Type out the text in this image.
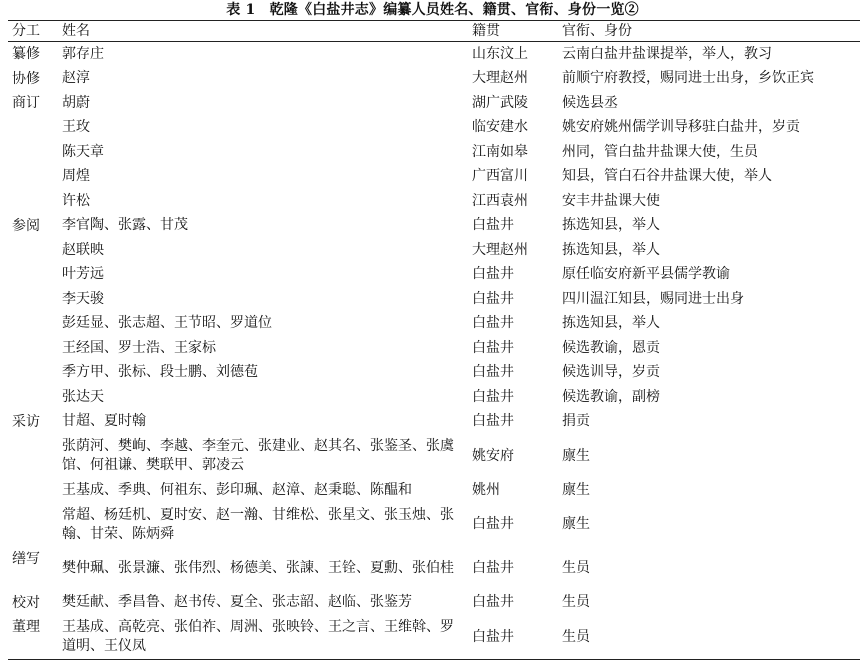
表 1　乾隆《白盐井志》编纂人员姓名、籍贯、官衔、身份一览②
分工	姓名	籍贯	官衔、身份
纂修	郭存庄	山东汶上	云南白盐井盐课提举，举人，教习
协修	赵淳	大理赵州	前顺宁府教授，赐同进士出身，乡饮正宾
商订	胡蔚	湖广武陵	候选县丞
	王玫	临安建水	姚安府姚州儒学训导移驻白盐井，岁贡
	陈天章	江南如皋	州同，管白盐井盐课大使，生员
	周煌	广西富川	知县，管白石谷井盐课大使，举人
	许松	江西袁州	安丰井盐课大使
参阅	李官陶、张露、甘茂	白盐井	拣选知县，举人
	赵联映	大理赵州	拣选知县，举人
	叶芳远	白盐井	原任临安府新平县儒学教谕
	李天骏	白盐井	四川温江知县，赐同进士出身
	彭廷显、张志超、王节昭、罗道位	白盐井	拣选知县，举人
	王经国、罗士浩、王家标	白盐井	候选教谕，恩贡
	季方甲、张标、段士鹏、刘德苞	白盐井	候选训导，岁贡
	张达天	白盐井	候选教谕，副榜
采访	甘超、夏时翰	白盐井	捐贡
	张荫河、樊峋、李越、李奎元、张建业、赵其名、张鉴圣、张虞馆、何祖谦、樊联甲、郭凌云	姚安府	廪生
	王基成、季典、何祖东、彭印珮、赵漳、赵秉聪、陈醖和	姚州	廪生
	常超、杨廷机、夏时安、赵一瀚、甘维松、张星文、张玉烛、张翰、甘荣、陈炳舜	白盐井	廪生
缮写	樊仲珮、张景濂、张伟烈、杨德美、张諌、王铨、夏勳、张伯桂	白盐井	生员
校对	樊廷献、季昌鲁、赵书传、夏全、张志韶、赵临、张鉴芳	白盐井	生员
董理	王基成、高乾亮、张伯祚、周洲、张映铃、王之言、王维斡、罗道明、王仪凤	白盐井	生员
